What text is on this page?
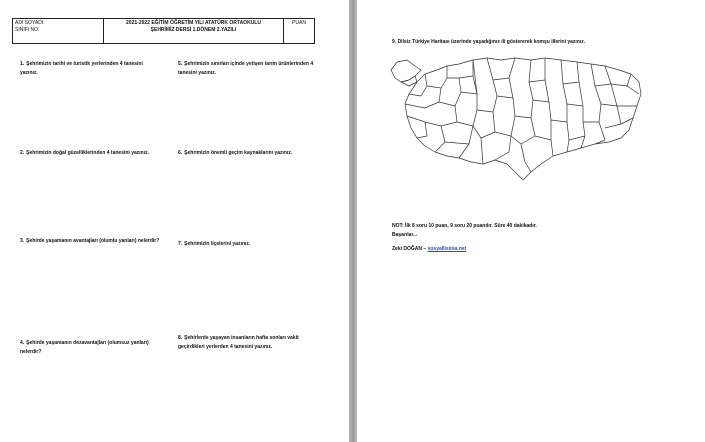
ADI SOYADI:
SINIFI NO:

2021-2022 EĞİTİM ÖĞRETİM YILI ATATÜRK ORTAOKULU
ŞEHRİMİZ DERSİ 1.DÖNEM 2.YAZILI

PUAN
1. Şehrimizin tarihi ve turistik yerlerinden 4 tanesini yazınız.
2. Şehrimizin doğal güzelliklerinden 4 tanesini yazınız.
3. Şehirde yaşamanın avantajları (olumlu yanları) nelerdir?
4. Şehirde yaşamanın dezavantajları (olumsuz yanları) nelerdir?
5. Şehrimizin sınırları içinde yetişen tarım ürünlerinden 4 tanesini yazınız.
6. Şehrimizin önemli geçim kaynaklarını yazınız.
7. Şehrimizin ilçelerini yazınız.
8. Şehirlerde yaşayan insanların hafta sonları vakit geçirdikleri yerlerden 4 tanesini yazınız.
9. Dilsiz Türkiye Haritası üzerinde yaşadığınız ili göstererek komşu illerini yazınız.
NOT: İlk 8 soru 10 puan, 9 soru 20 puandır. Süre 40 dakikadır.
Başarılar...
Zeki DOĞAN – sosyallisinia.net
